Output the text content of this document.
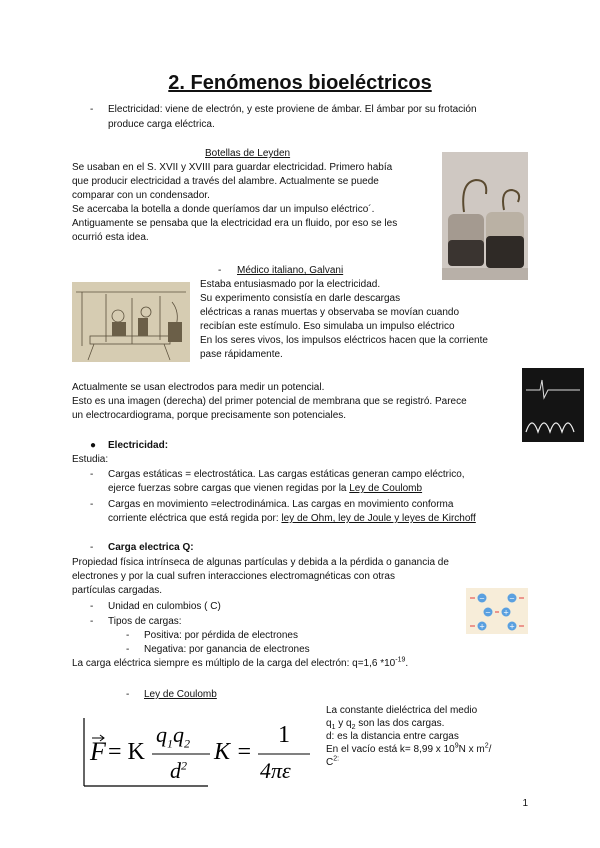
2. Fenómenos bioeléctricos
- Electricidad: viene de electrón, y este proviene de ámbar. El ámbar por su frotación
produce carga eléctrica.
Botellas de Leyden
Se usaban en el S. XVII y XVIII para guardar electricidad. Primero había
que producir electricidad a través del alambre. Actualmente se puede
comparar con un condensador.
Se acercaba la botella a donde queríamos dar un impulso eléctrico´.
Antiguamente se pensaba que la electricidad era un fluido, por eso se les
ocurrió esta idea.
- Médico italiano, Galvani
Estaba entusiasmado por la electricidad.
Su experimento consistía en darle descargas
eléctricas a ranas muertas y observaba se movían cuando
recibían este estímulo. Eso simulaba un impulso eléctrico
En los seres vivos, los impulsos eléctricos hacen que la corriente
pase rápidamente.
Actualmente se usan electrodos para medir un potencial.
Esto es una imagen (derecha) del primer potencial de membrana que se registró. Parece
un electrocardiograma, porque precisamente son potenciales.
● Electricidad:
Estudia:
- Cargas estáticas = electrostática. Las cargas estáticas generan campo eléctrico,
ejerce fuerzas sobre cargas que vienen regidas por la Ley de Coulomb
- Cargas en movimiento =electrodinámica. Las cargas en movimiento conforma
corriente eléctrica que está regida por: ley de Ohm, ley de Joule y leyes de Kirchoff
- Carga electrica Q:
Propiedad física intrínseca de algunas partículas y debida a la pérdida o ganancia de
electrones y por la cual sufren interacciones electromagnéticas con otras
partículas cargadas.
- Unidad en culombios ( C)
- Tipos de cargas:
- Positiva: por pérdida de electrones
- Negativa: por ganancia de electrones
La carga eléctrica siempre es múltiplo de la carga del electrón: q=1,6 $*10^{-19}$.
−	−
− +
+	+
- Ley de Coulomb
La constante dieléctrica del medio
$q_1$ y $q_2$ son las dos cargas.
d: es la distancia entre cargas
En el vacío está k= 8,99 x $10^9N$ x $m^2/$
$C^{2:}$
F = K
$q_1q_2$
$d^2$
K =
1
4πε
1
